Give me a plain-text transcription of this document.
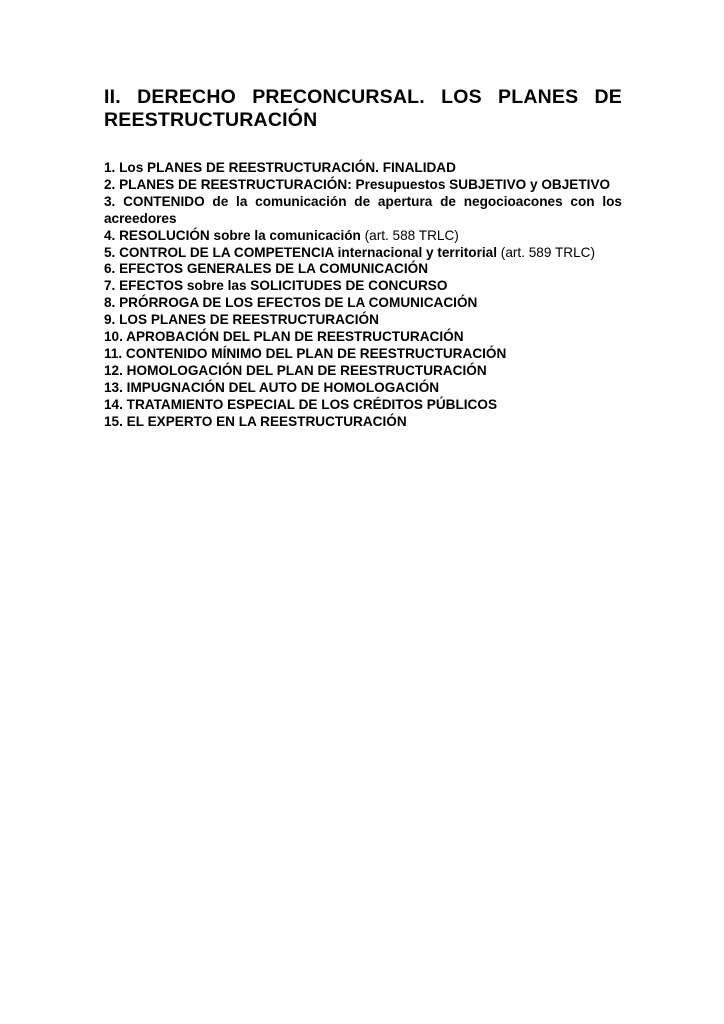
II. DERECHO PRECONCURSAL. LOS PLANES DE REESTRUCTURACIÓN
1. Los PLANES DE REESTRUCTURACIÓN. FINALIDAD
2. PLANES DE REESTRUCTURACIÓN: Presupuestos SUBJETIVO y OBJETIVO
3. CONTENIDO de la comunicación de apertura de negocioacones con los acreedores
4. RESOLUCIÓN sobre la comunicación (art. 588 TRLC)
5. CONTROL DE LA COMPETENCIA internacional y territorial (art. 589 TRLC)
6. EFECTOS GENERALES DE LA COMUNICACIÓN
7. EFECTOS sobre las SOLICITUDES DE CONCURSO
8. PRÓRROGA DE LOS EFECTOS DE LA COMUNICACIÓN
9. LOS PLANES DE REESTRUCTURACIÓN
10. APROBACIÓN DEL PLAN DE REESTRUCTURACIÓN
11. CONTENIDO MÍNIMO DEL PLAN DE REESTRUCTURACIÓN
12. HOMOLOGACIÓN DEL PLAN DE REESTRUCTURACIÓN
13. IMPUGNACIÓN DEL AUTO DE HOMOLOGACIÓN
14. TRATAMIENTO ESPECIAL DE LOS CRÉDITOS PÚBLICOS
15. EL EXPERTO EN LA REESTRUCTURACIÓN
